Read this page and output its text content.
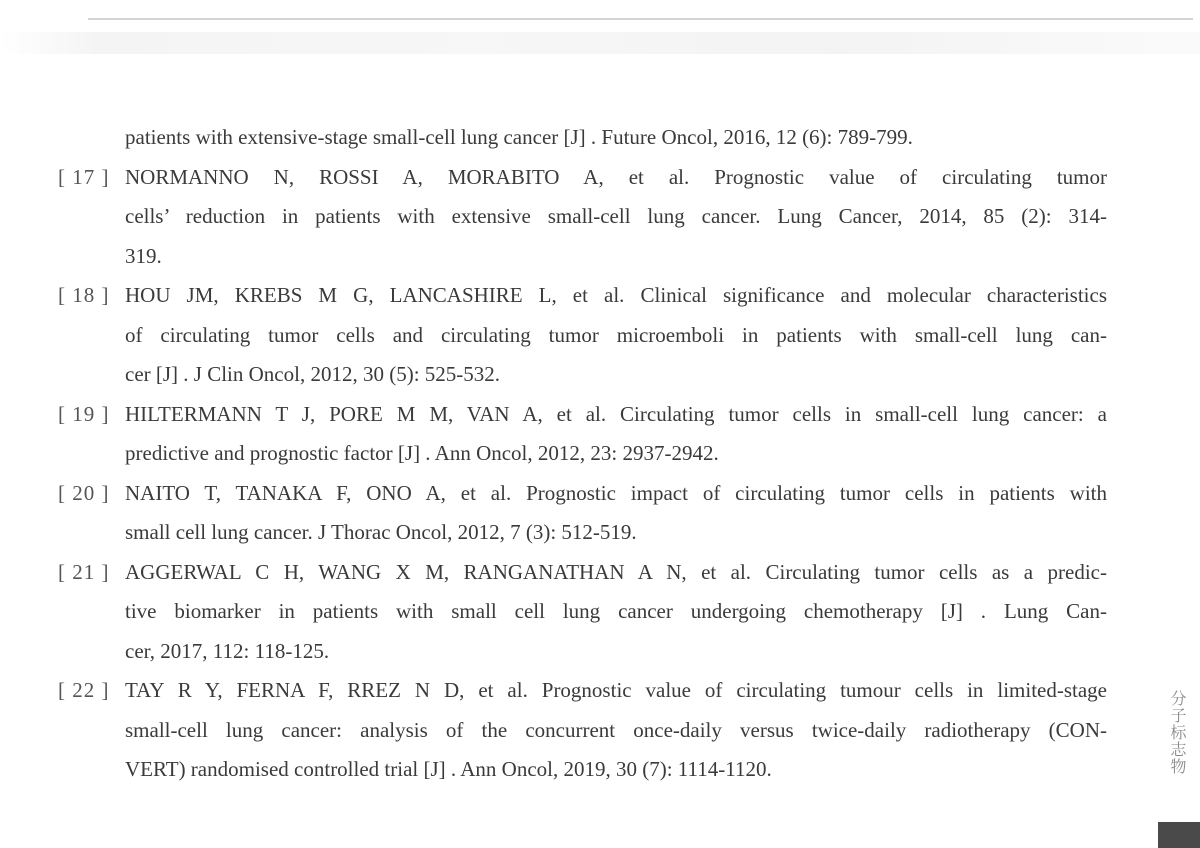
patients with extensive-stage small-cell lung cancer [J] . Future Oncol, 2016, 12 (6): 789-799.
[ 17 ] NORMANNO N, ROSSI A, MORABITO A, et al. Prognostic value of circulating tumor
cells’ reduction in patients with extensive small-cell lung cancer. Lung Cancer, 2014, 85 (2): 314-
319.
[ 18 ] HOU JM, KREBS M G, LANCASHIRE L, et al. Clinical significance and molecular characteristics
of circulating tumor cells and circulating tumor microemboli in patients with small-cell lung can-
cer [J] . J Clin Oncol, 2012, 30 (5): 525-532.
[ 19 ] HILTERMANN T J, PORE M M, VAN A, et al. Circulating tumor cells in small-cell lung cancer: a
predictive and prognostic factor [J] . Ann Oncol, 2012, 23: 2937-2942.
[ 20 ] NAITO T, TANAKA F, ONO A, et al. Prognostic impact of circulating tumor cells in patients with
small cell lung cancer. J Thorac Oncol, 2012, 7 (3): 512-519.
[ 21 ] AGGERWAL C H, WANG X M, RANGANATHAN A N, et al. Circulating tumor cells as a predic-
tive biomarker in patients with small cell lung cancer undergoing chemotherapy [J] . Lung Can-
cer, 2017, 112: 118-125.
[ 22 ] TAY R Y, FERNA F, RREZ N D, et al. Prognostic value of circulating tumour cells in limited-stage
small-cell lung cancer: analysis of the concurrent once-daily versus twice-daily radiotherapy (CON-
VERT) randomised controlled trial [J] . Ann Oncol, 2019, 30 (7): 1114-1120.	分子标志物
